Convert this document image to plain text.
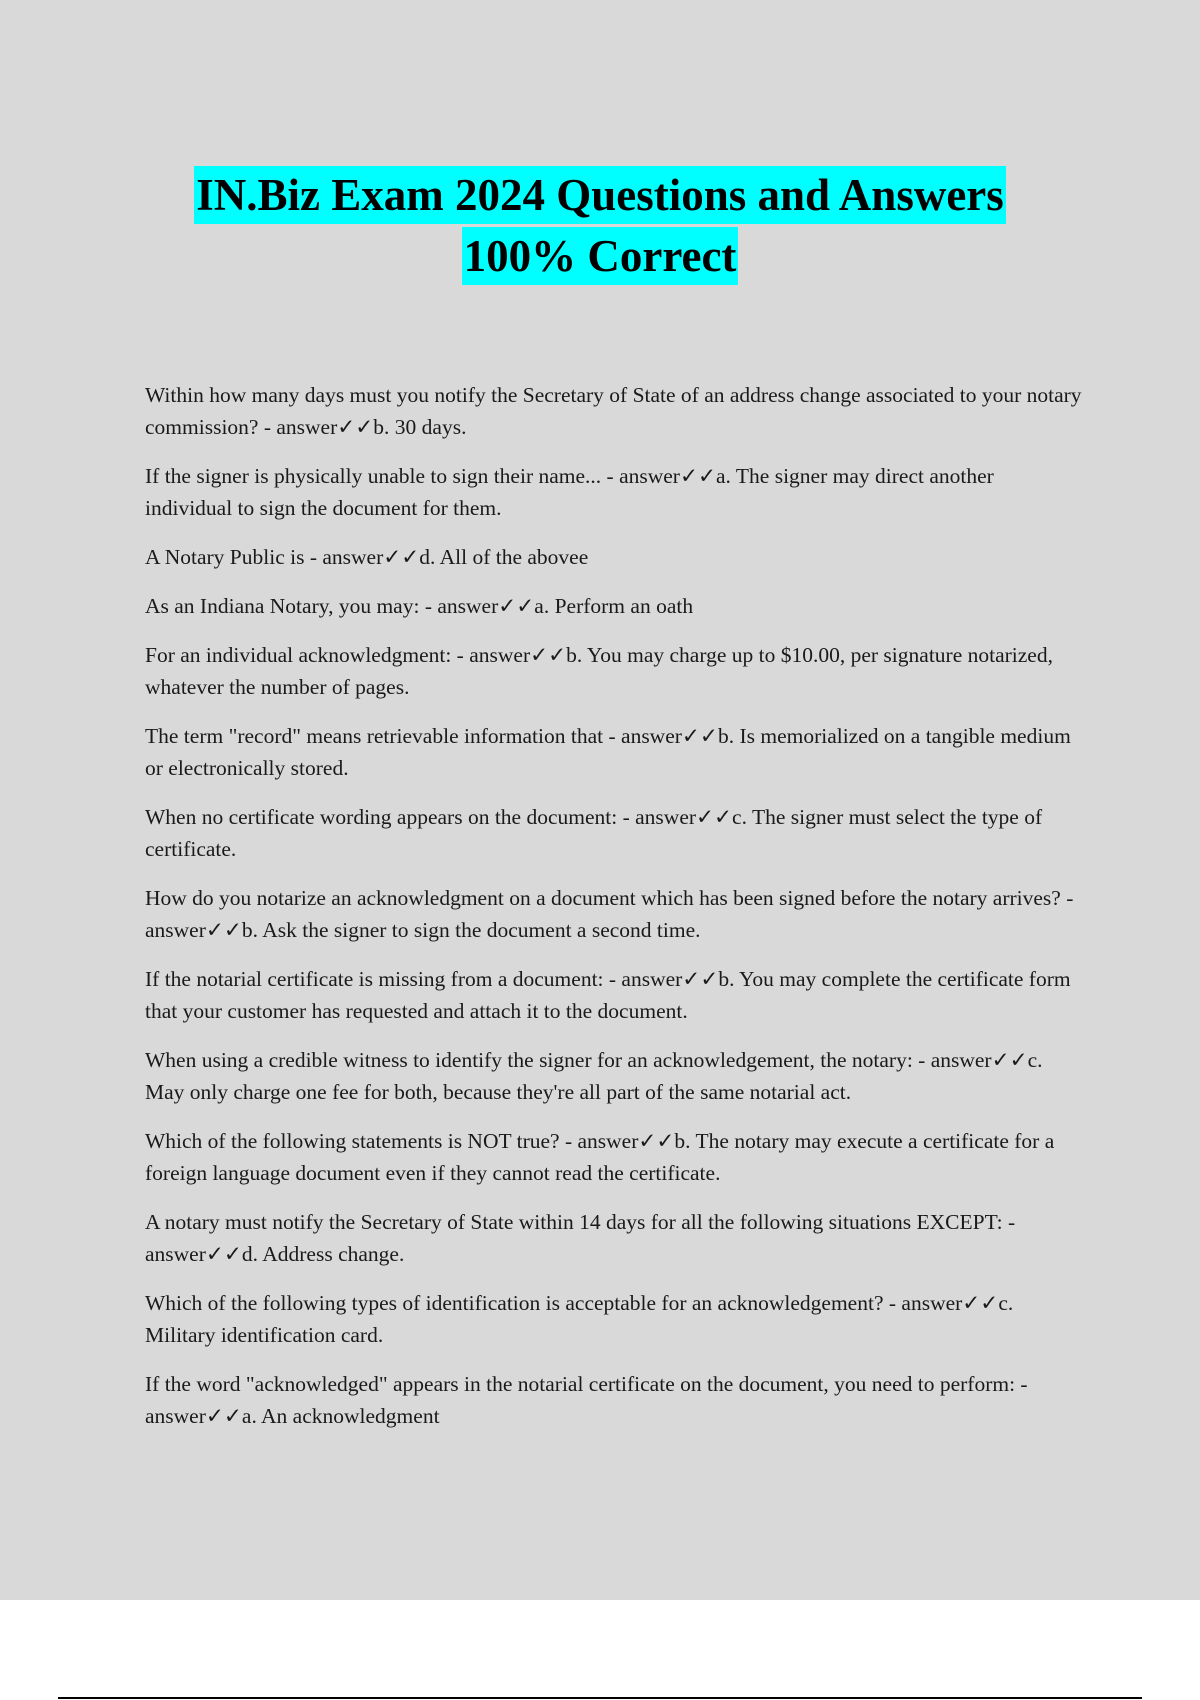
IN.Biz Exam 2024 Questions and Answers
100% Correct

Within how many days must you notify the Secretary of State of an address change associated to your notary commission? - answer✓✓b. 30 days.

If the signer is physically unable to sign their name... - answer✓✓a. The signer may direct another individual to sign the document for them.

A Notary Public is - answer✓✓d. All of the abovee

As an Indiana Notary, you may: - answer✓✓a. Perform an oath

For an individual acknowledgment: - answer✓✓b. You may charge up to $10.00, per signature notarized, whatever the number of pages.

The term "record" means retrievable information that - answer✓✓b. Is memorialized on a tangible medium or electronically stored.

When no certificate wording appears on the document: - answer✓✓c. The signer must select the type of certificate.

How do you notarize an acknowledgment on a document which has been signed before the notary arrives? - answer✓✓b. Ask the signer to sign the document a second time.

If the notarial certificate is missing from a document: - answer✓✓b. You may complete the certificate form that your customer has requested and attach it to the document.

When using a credible witness to identify the signer for an acknowledgement, the notary: - answer✓✓c. May only charge one fee for both, because they're all part of the same notarial act.

Which of the following statements is NOT true? - answer✓✓b. The notary may execute a certificate for a foreign language document even if they cannot read the certificate.

A notary must notify the Secretary of State within 14 days for all the following situations EXCEPT: - answer✓✓d. Address change.

Which of the following types of identification is acceptable for an acknowledgement? - answer✓✓c. Military identification card.

If the word "acknowledged" appears in the notarial certificate on the document, you need to perform: - answer✓✓a. An acknowledgment
